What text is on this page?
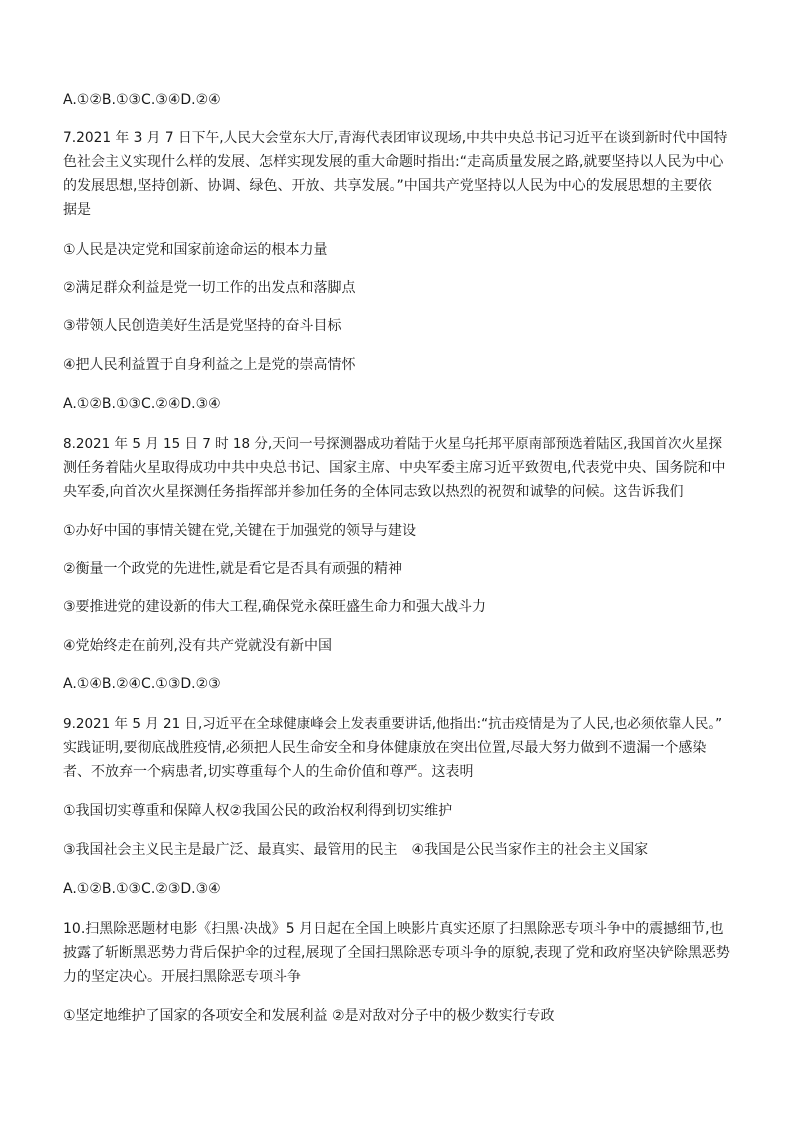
A.①②B.①③C.③④D.②④
7.2021 年 3 月 7 日下午,人民大会堂东大厅,青海代表团审议现场,中共中央总书记习近平在谈到新时代中国特
色社会主义实现什么样的发展、怎样实现发展的重大命题时指出:“走高质量发展之路,就要坚持以人民为中心
的发展思想,坚持创新、协调、绿色、开放、共享发展。”中国共产党坚持以人民为中心的发展思想的主要依
据是
①人民是决定党和国家前途命运的根本力量
②满足群众利益是党一切工作的出发点和落脚点
③带领人民创造美好生活是党坚持的奋斗目标
④把人民利益置于自身利益之上是党的崇高情怀
A.①②B.①③C.②④D.③④
8.2021 年 5 月 15 日 7 时 18 分,天问一号探测器成功着陆于火星乌托邦平原南部预选着陆区,我国首次火星探
测任务着陆火星取得成功中共中央总书记、国家主席、中央军委主席习近平致贺电,代表党中央、国务院和中
央军委,向首次火星探测任务指挥部并参加任务的全体同志致以热烈的祝贺和诚挚的问候。这告诉我们
①办好中国的事情关键在党,关键在于加强党的领导与建设
②衡量一个政党的先进性,就是看它是否具有顽强的精神
③要推进党的建设新的伟大工程,确保党永葆旺盛生命力和强大战斗力
④党始终走在前列,没有共产党就没有新中国
A.①④B.②④C.①③D.②③
9.2021 年 5 月 21 日,习近平在全球健康峰会上发表重要讲话,他指出:“抗击疫情是为了人民,也必须依靠人民。”
实践证明,要彻底战胜疫情,必须把人民生命安全和身体健康放在突出位置,尽最大努力做到不遗漏一个感染
者、不放弃一个病患者,切实尊重每个人的生命价值和尊严。这表明
①我国切实尊重和保障人权②我国公民的政治权利得到切实维护
③我国社会主义民主是最广泛、最真实、最管用的民主　④我国是公民当家作主的社会主义国家
A.①②B.①③C.②③D.③④
10.扫黑除恶题材电影《扫黑·决战》5 月日起在全国上映影片真实还原了扫黑除恶专项斗争中的震撼细节,也
披露了斩断黑恶势力背后保护伞的过程,展现了全国扫黑除恶专项斗争的原貌,表现了党和政府坚决铲除黑恶势
力的坚定决心。开展扫黑除恶专项斗争
①坚定地维护了国家的各项安全和发展利益 ②是对敌对分子中的极少数实行专政
